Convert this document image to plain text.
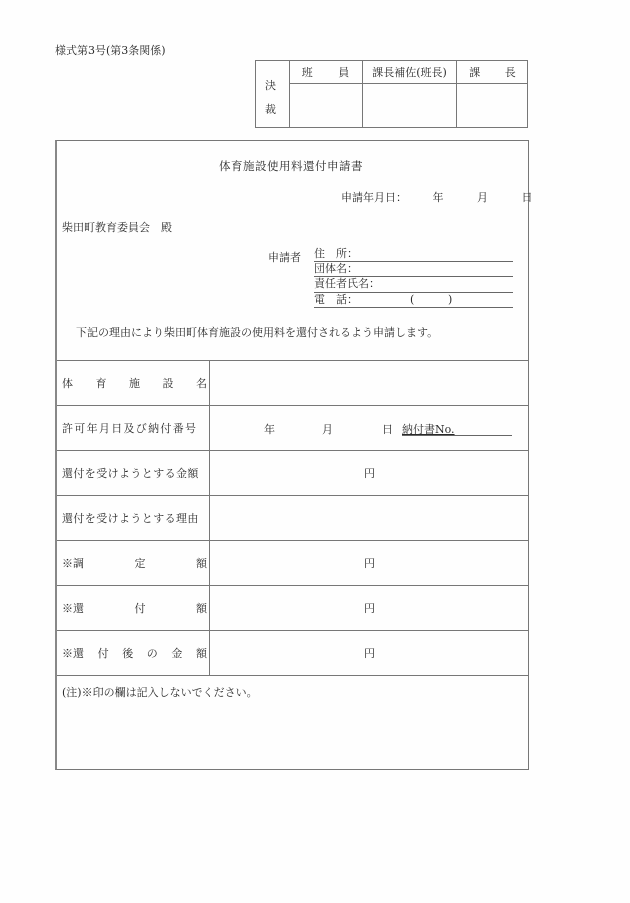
様式第3号(第3条関係)
決
裁
班 員 課長補佐(班長) 課 長
体育施設使用料還付申請書
申請年月日： 年	月	日
柴田町教育委員会　殿
申請者 住　所：
団体名：
責任者氏名：
電　話：	(	)
下記の理由により柴田町体育施設の使用料を還付されるよう申請します。
体 育 施 設 名
許可年月日及び納付番号	年	月	日 納付書No.
還付を受けようとする金額	円
還付を受けようとする理由
※調	定	額	円
※還	付	額	円
※還 付 後 の 金 額	円
(注)※印の欄は記入しないでください。
